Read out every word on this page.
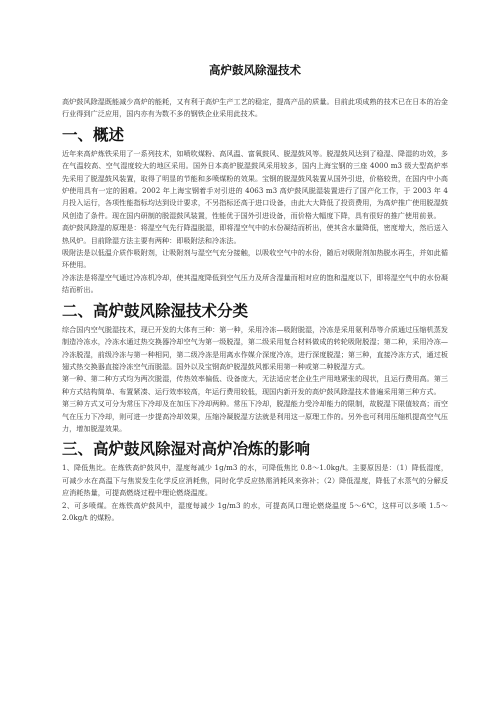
高炉鼓风除湿技术

高炉鼓风除湿既能减少高炉的能耗，又有利于高炉生产工艺的稳定，提高产品的质量。目前此项成熟的技术已在日本的冶金行业得到广泛应用，国内亦有为数不多的钢铁企业采用此技术。

一、概述

近年来高炉炼铁采用了一系列技术，如喷吹煤粉、高风温、富氧鼓风、脱湿鼓风等。脱湿鼓风达到了稳湿、降湿的功效，多在气温较高、空气湿度较大的地区采用。国外日本高炉脱湿鼓风采用较多，国内上海宝钢的三座 4000 m3 级大型高炉率先采用了脱湿鼓风装置，取得了明显的节能和多喷煤粉的效果。宝钢的脱湿鼓风装置从国外引进，价格较贵，在国内中小高炉使用具有一定的困难。2002 年上海宝钢着手对引进的 4063 m3 高炉鼓风脱湿装置进行了国产化工作，于 2003 年 4 月投入运行，各项性能指标均达到设计要求，不另指标还高于进口设备，由此大大降低了投资费用，为高炉推广使用脱湿鼓风创造了条件。现在国内研制的脱湿鼓风装置，性能优于国外引进设备，而价格大幅度下降，具有很好的推广使用前景。

高炉鼓风除湿的原理是：将湿空气先行降温脱湿，即将湿空气中的水份凝结而析出，使其含水量降低，密度增大，然后送入热风炉。目前除湿方法主要有两种：即吸附法和冷冻法。

吸附法是以低温介质作吸附剂，让吸附剂与湿空气充分接触，以吸收空气中的水份，随后对吸附剂加热脱水再生，并如此循环使用。

冷冻法是将湿空气通过冷冻机冷却，使其温度降低到空气压力及所含湿量而相对应的饱和温度以下，即将湿空气中的水份凝结而析出。

二、高炉鼓风除湿技术分类

综合国内空气脱湿技术，现已开发的大体有三种：第一种，采用冷冻—吸附脱湿，冷冻是采用氨利昂等介质通过压缩机蒸发制造冷冻水，冷冻水通过热交换器冷却空气为第一级脱湿，第二级采用复合材料做成的转轮吸附脱湿；第二种，采用冷冻—冷冻脱湿，前级冷冻与第一种相同，第二级冷冻是用离水作媒介深度冷冻，进行深度脱湿；第三种，直接冷冻方式，通过板翅式热交换器直接冷冻空气而脱湿。国外以及宝钢高炉脱湿鼓风都采用第一种或第二种脱湿方式。

第一种、第二种方式均为两次脱湿，传热效率偏低、设备庞大，无法适应老企业生产用地紧张的现状，且运行费用高。第三种方式结构简单、布置紧凑、运行效率较高，年运行费用较低，现国内新开发的高炉鼓风除湿技术普遍采用第三种方式。

第三种方式又可分为常压下冷却及在加压下冷却两种。常压下冷却，脱湿能力受冷却能力的限制，故脱湿下限值较高；而空气在压力下冷却，则可进一步提高冷却效果，压缩冷凝脱湿方法就是利用这一原理工作的。另外也可利用压缩机提高空气压力，增加脱湿效果。

三、高炉鼓风除湿对高炉冶炼的影响

1、降低焦比。在炼铁高炉鼓风中，湿度每减少 1g/m3 的水，可降低焦比 0.8～1.0kg/t。主要原因是：（1）降低湿度，可减少水在高温下与焦炭发生化学反应消耗焦，同时化学反应热需消耗风来弥补；（2）降低湿度，降低了水蒸气的分解反应消耗热量，可提高燃烧过程中理论燃烧温度。

2、可多喷煤。在炼铁高炉鼓风中，湿度每减少 1g/m3 的水，可提高风口理论燃烧温度 5～6℃，这样可以多喷 1.5～2.0kg/t 的煤粉。
